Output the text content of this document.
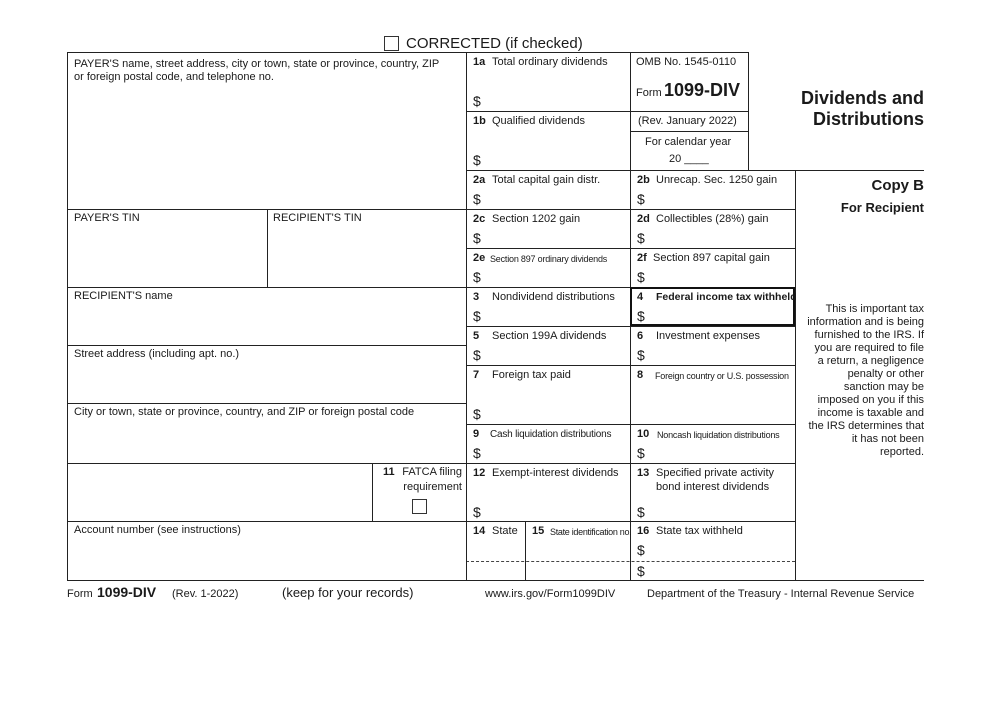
CORRECTED (if checked)
PAYER'S name, street address, city or town, state or province, country, ZIP
or foreign postal code, and telephone no.
PAYER'S TIN	RECIPIENT'S TIN
RECIPIENT'S name
Street address (including apt. no.)
City or town, state or province, country, and ZIP or foreign postal code
11 FATCA filing
requirement
Account number (see instructions)
1a Total ordinary dividends
$
1b Qualified dividends
$
OMB No. 1545-0110
Form 1099-DIV
(Rev. January 2022)
For calendar year
20 ____
Dividends and
Distributions
2a Total capital gain distr.
$
2b Unrecap. Sec. 1250 gain
$
Copy B
For Recipient
2c Section 1202 gain
$
2d Collectibles (28%) gain
$
2e Section 897 ordinary dividends
$
2f Section 897 capital gain
$
3 Nondividend distributions
$
4 Federal income tax withheld
$
5 Section 199A dividends
$
6 Investment expenses
$
7 Foreign tax paid
$
8 Foreign country or U.S. possession
9 Cash liquidation distributions
$
10 Noncash liquidation distributions
$
12 Exempt-interest dividends
$
13 Specified private activity
bond interest dividends
$
14 State 15 State identification no. 16 State tax withheld
$
$
This is important tax information and is being furnished to the IRS. If you are required to file a return, a negligence penalty or other sanction may be imposed on you if this income is taxable and the IRS determines that it has not been reported.
Form 1099-DIV (Rev. 1-2022)	(keep for your records)	www.irs.gov/Form1099DIV	Department of the Treasury - Internal Revenue Service
